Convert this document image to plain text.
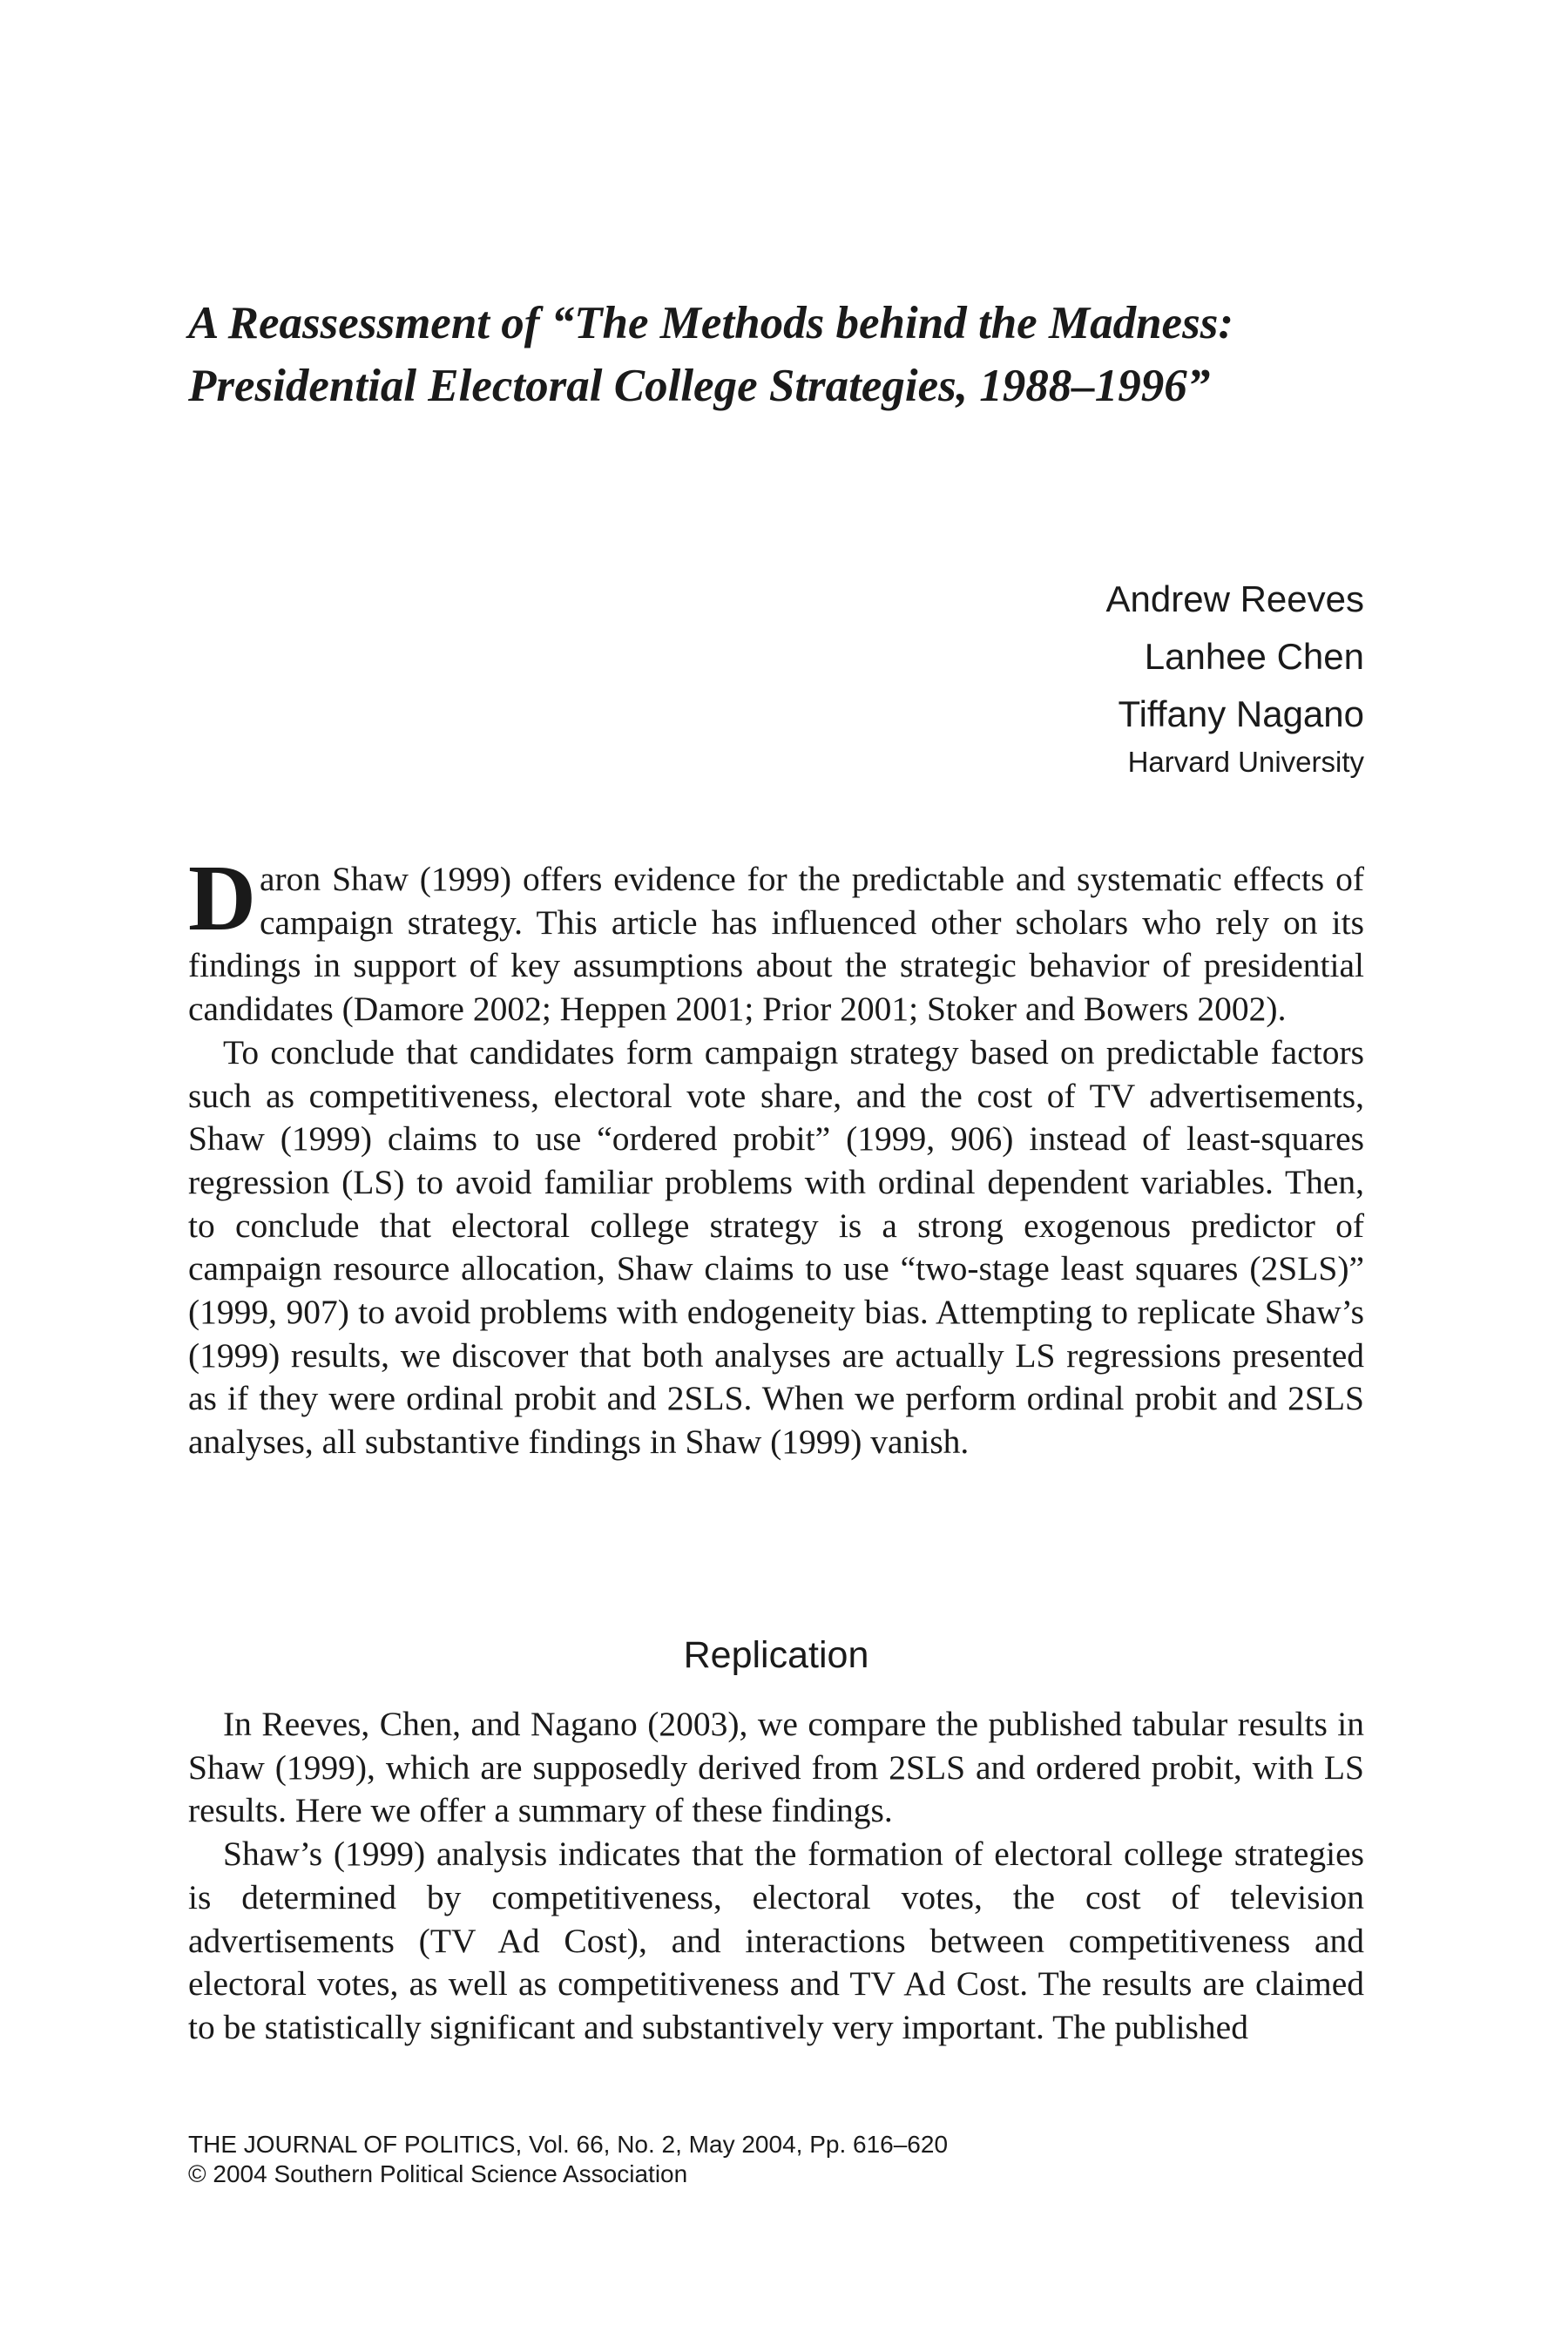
A Reassessment of “The Methods behind the Madness:
Presidential Electoral College Strategies, 1988–1996”
Andrew Reeves
Lanhee Chen
Tiffany Nagano
Harvard University

Daron Shaw (1999) offers evidence for the predictable and systematic effects of campaign strategy. This article has influenced other scholars who rely on its findings in support of key assumptions about the strategic behavior of presidential candidates (Damore 2002; Heppen 2001; Prior 2001; Stoker and Bowers 2002).

To conclude that candidates form campaign strategy based on predictable factors such as competitiveness, electoral vote share, and the cost of TV advertisements, Shaw (1999) claims to use “ordered probit” (1999, 906) instead of least-squares regression (LS) to avoid familiar problems with ordinal dependent variables. Then, to conclude that electoral college strategy is a strong exogenous predictor of campaign resource allocation, Shaw claims to use “two-stage least squares (2SLS)” (1999, 907) to avoid problems with endogeneity bias. Attempting to replicate Shaw’s (1999) results, we discover that both analyses are actually LS regressions presented as if they were ordinal probit and 2SLS. When we perform ordinal probit and 2SLS analyses, all substantive findings in Shaw (1999) vanish.

Replication

In Reeves, Chen, and Nagano (2003), we compare the published tabular results in Shaw (1999), which are supposedly derived from 2SLS and ordered probit, with LS results. Here we offer a summary of these findings.

Shaw’s (1999) analysis indicates that the formation of electoral college strategies is determined by competitiveness, electoral votes, the cost of television advertisements (TV Ad Cost), and interactions between competitiveness and electoral votes, as well as competitiveness and TV Ad Cost. The results are claimed to be statistically significant and substantively very important. The published

THE JOURNAL OF POLITICS, Vol. 66, No. 2, May 2004, Pp. 616–620
© 2004 Southern Political Science Association
